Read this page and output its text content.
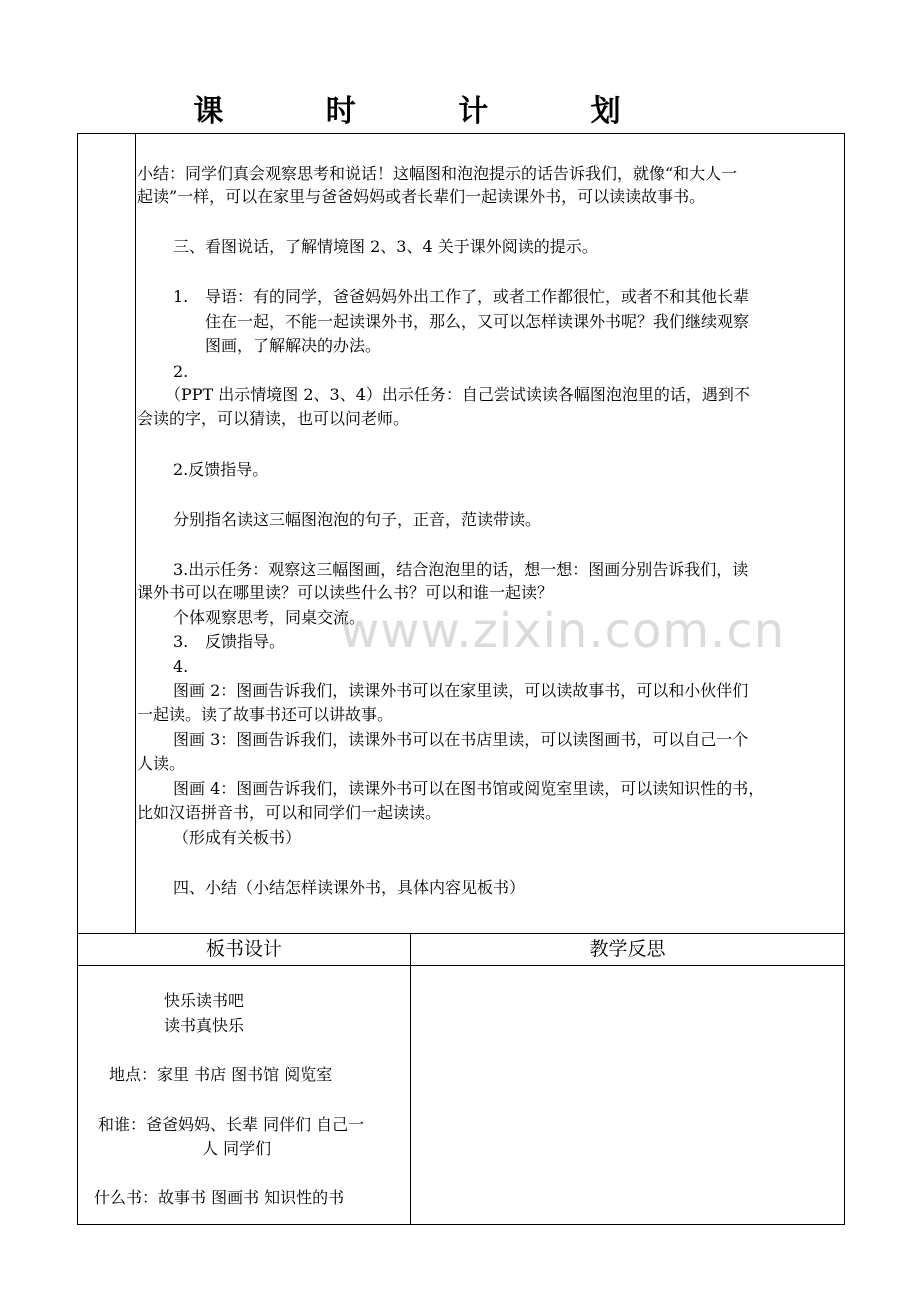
课 时 计 划
小结：同学们真会观察思考和说话！这幅图和泡泡提示的话告诉我们，就像“和大人一
起读”一样，可以在家里与爸爸妈妈或者长辈们一起读课外书，可以读读故事书。
三、看图说话，了解情境图 2、3、4 关于课外阅读的提示。
1.	导语：有的同学，爸爸妈妈外出工作了，或者工作都很忙，或者不和其他长辈
住在一起，不能一起读课外书，那么，又可以怎样读课外书呢？我们继续观察
图画，了解解决的办法。
2.
（PPT 出示情境图 2、3、4）出示任务：自己尝试读读各幅图泡泡里的话，遇到不
会读的字，可以猜读，也可以问老师。
2.反馈指导。
分别指名读这三幅图泡泡的句子，正音，范读带读。
3.出示任务：观察这三幅图画，结合泡泡里的话，想一想：图画分别告诉我们，读
课外书可以在哪里读？可以读些什么书？可以和谁一起读？
个体观察思考，同桌交流。
3.	反馈指导。
4.
图画 2：图画告诉我们，读课外书可以在家里读，可以读故事书，可以和小伙伴们
一起读。读了故事书还可以讲故事。
图画 3：图画告诉我们，读课外书可以在书店里读，可以读图画书，可以自己一个
人读。
图画 4：图画告诉我们，读课外书可以在图书馆或阅览室里读，可以读知识性的书，
比如汉语拼音书，可以和同学们一起读读。
（形成有关板书）
四、小结（小结怎样读课外书，具体内容见板书）
板书设计	教学反思
快乐读书吧
读书真快乐
地点：家里 书店 图书馆 阅览室
和谁：爸爸妈妈、长辈 同伴们 自己一
人 同学们
什么书：故事书 图画书 知识性的书
www.zixin.com.cn
